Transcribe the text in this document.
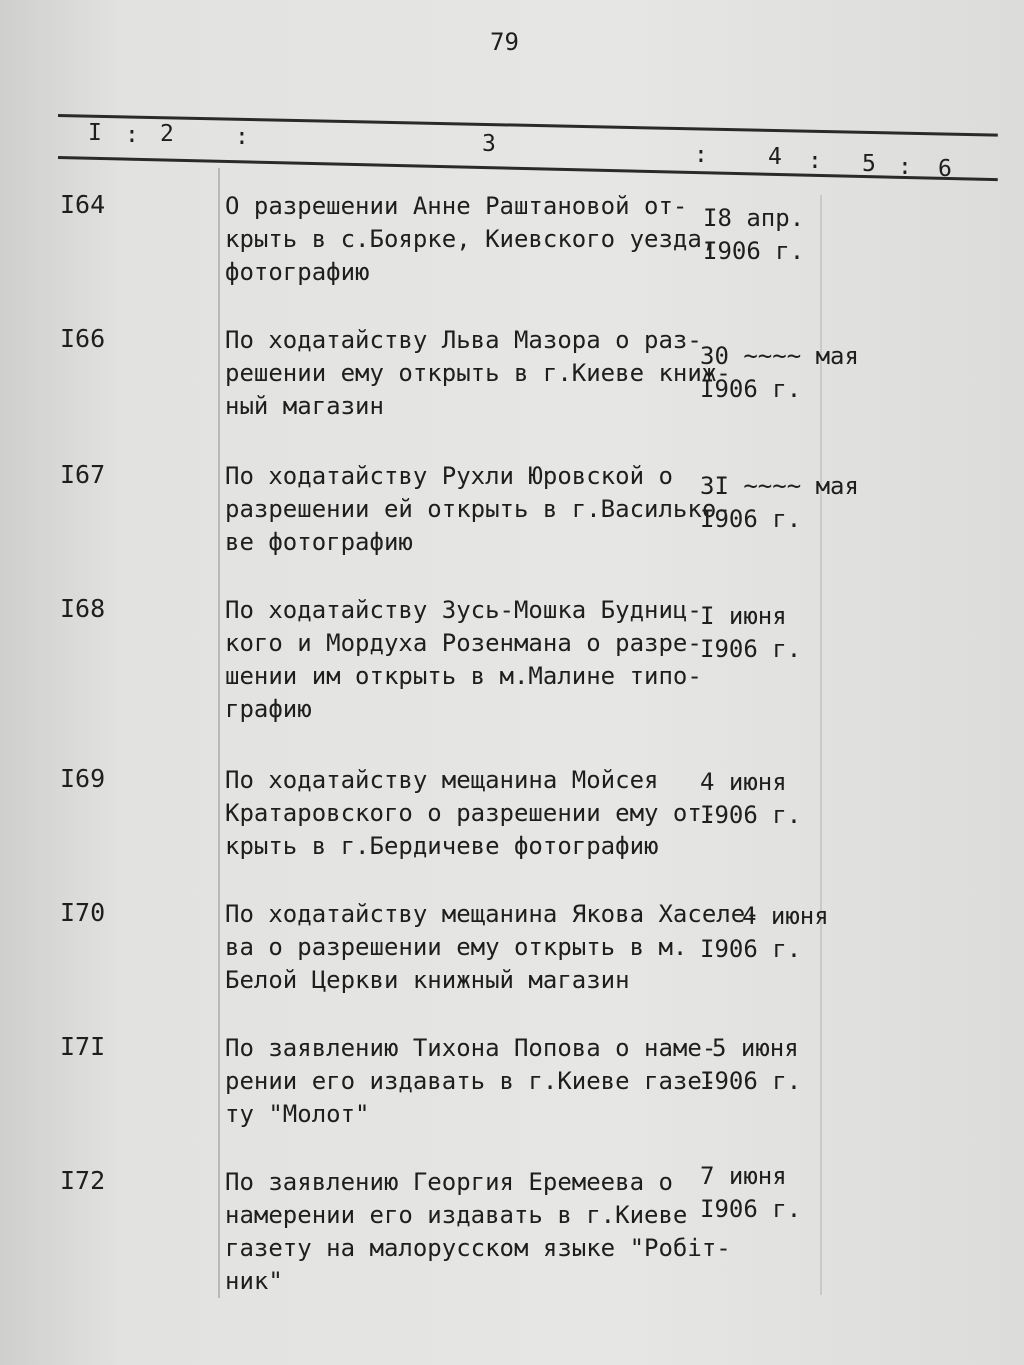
79
I : 2	:	3	:	4 : 5 : 6
I64	О разрешении Анне Раштановой от-
крыть в с.Боярке, Киевского уезда,
фотографию
I8 апр.
I906 г.
I66	По ходатайству Льва Мазора о раз-
решении ему открыть в г.Киеве книж-
ный магазин
30 ~~~~ мая
I906 г.
I67	По ходатайству Рухли Юровской о
разрешении ей открыть в г.Василько-
ве фотографию
3I ~~~~ мая
I906 г.
I68	По ходатайству Зусь-Мошка Будниц-
кого и Мордуха Розенмана о разре-
шении им открыть в м.Малине типо-
графию
I июня
I906 г.
I69	По ходатайству мещанина Мойсея
Кратаровского о разрешении ему от-
крыть в г.Бердичеве фотографию
4 июня
I906 г.
I70	По ходатайству мещанина Якова Хаселе-
ва о разрешении ему открыть в м.
Белой Церкви книжный магазин
4 июня
I906 г.
I7I	По заявлению Тихона Попова о наме-
рении его издавать в г.Киеве газе-
ту "Молот"
5 июня
I906 г.
I72	По заявлению Георгия Еремеева о
намерении его издавать в г.Киеве
газету на малорусском языке "Робіт-
ник"
7 июня
I906 г.
